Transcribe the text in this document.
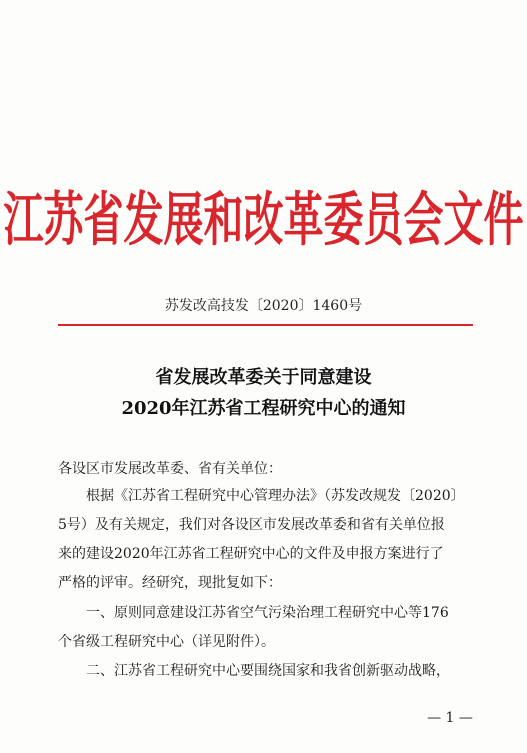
江苏省发展和改革委员会文件
苏发改高技发〔2020〕1460号
省发展改革委关于同意建设
2020年江苏省工程研究中心的通知
各设区市发展改革委、省有关单位：
根据《江苏省工程研究中心管理办法》（苏发改规发〔2020〕
5号）及有关规定，我们对各设区市发展改革委和省有关单位报
来的建设2020年江苏省工程研究中心的文件及申报方案进行了
严格的评审。经研究，现批复如下：
一、原则同意建设江苏省空气污染治理工程研究中心等176
个省级工程研究中心（详见附件）。
二、江苏省工程研究中心要围绕国家和我省创新驱动战略，
— 1 —
